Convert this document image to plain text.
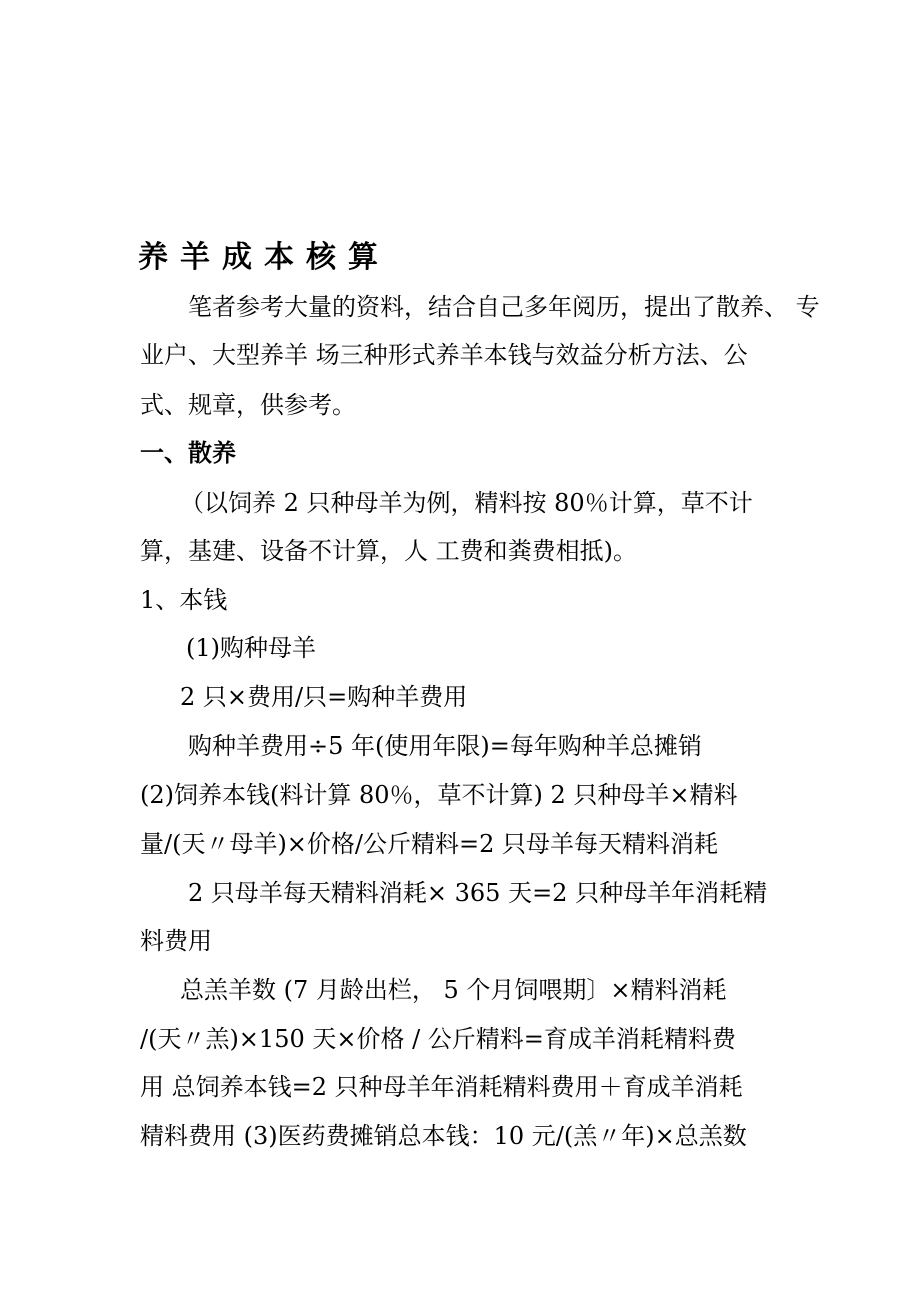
养羊成本核算
笔者参考大量的资料，结合自己多年阅历，提出了散养、 专
业户、大型养羊 场三种形式养羊本钱与效益分析方法、公
式、规章，供参考。
一、散养
（以饲养 2 只种母羊为例，精料按 80％计算，草不计
算，基建、设备不计算，人 工费和粪费相抵)。
1、本钱
(1)购种母羊
2 只×费用/只=购种羊费用
购种羊费用÷5 年(使用年限)=每年购种羊总摊销
(2)饲养本钱(料计算 80％，草不计算) 2 只种母羊×精料
量/(天〃母羊)×价格/公斤精料=2 只母羊每天精料消耗
2 只母羊每天精料消耗× 365 天=2 只种母羊年消耗精
料费用
总羔羊数 (7 月龄出栏， 5 个月饲喂期〕×精料消耗
/(天〃羔)×150 天×价格 / 公斤精料=育成羊消耗精料费
用 总饲养本钱=2 只种母羊年消耗精料费用＋育成羊消耗
精料费用 (3)医药费摊销总本钱：10 元/(羔〃年)×总羔数
